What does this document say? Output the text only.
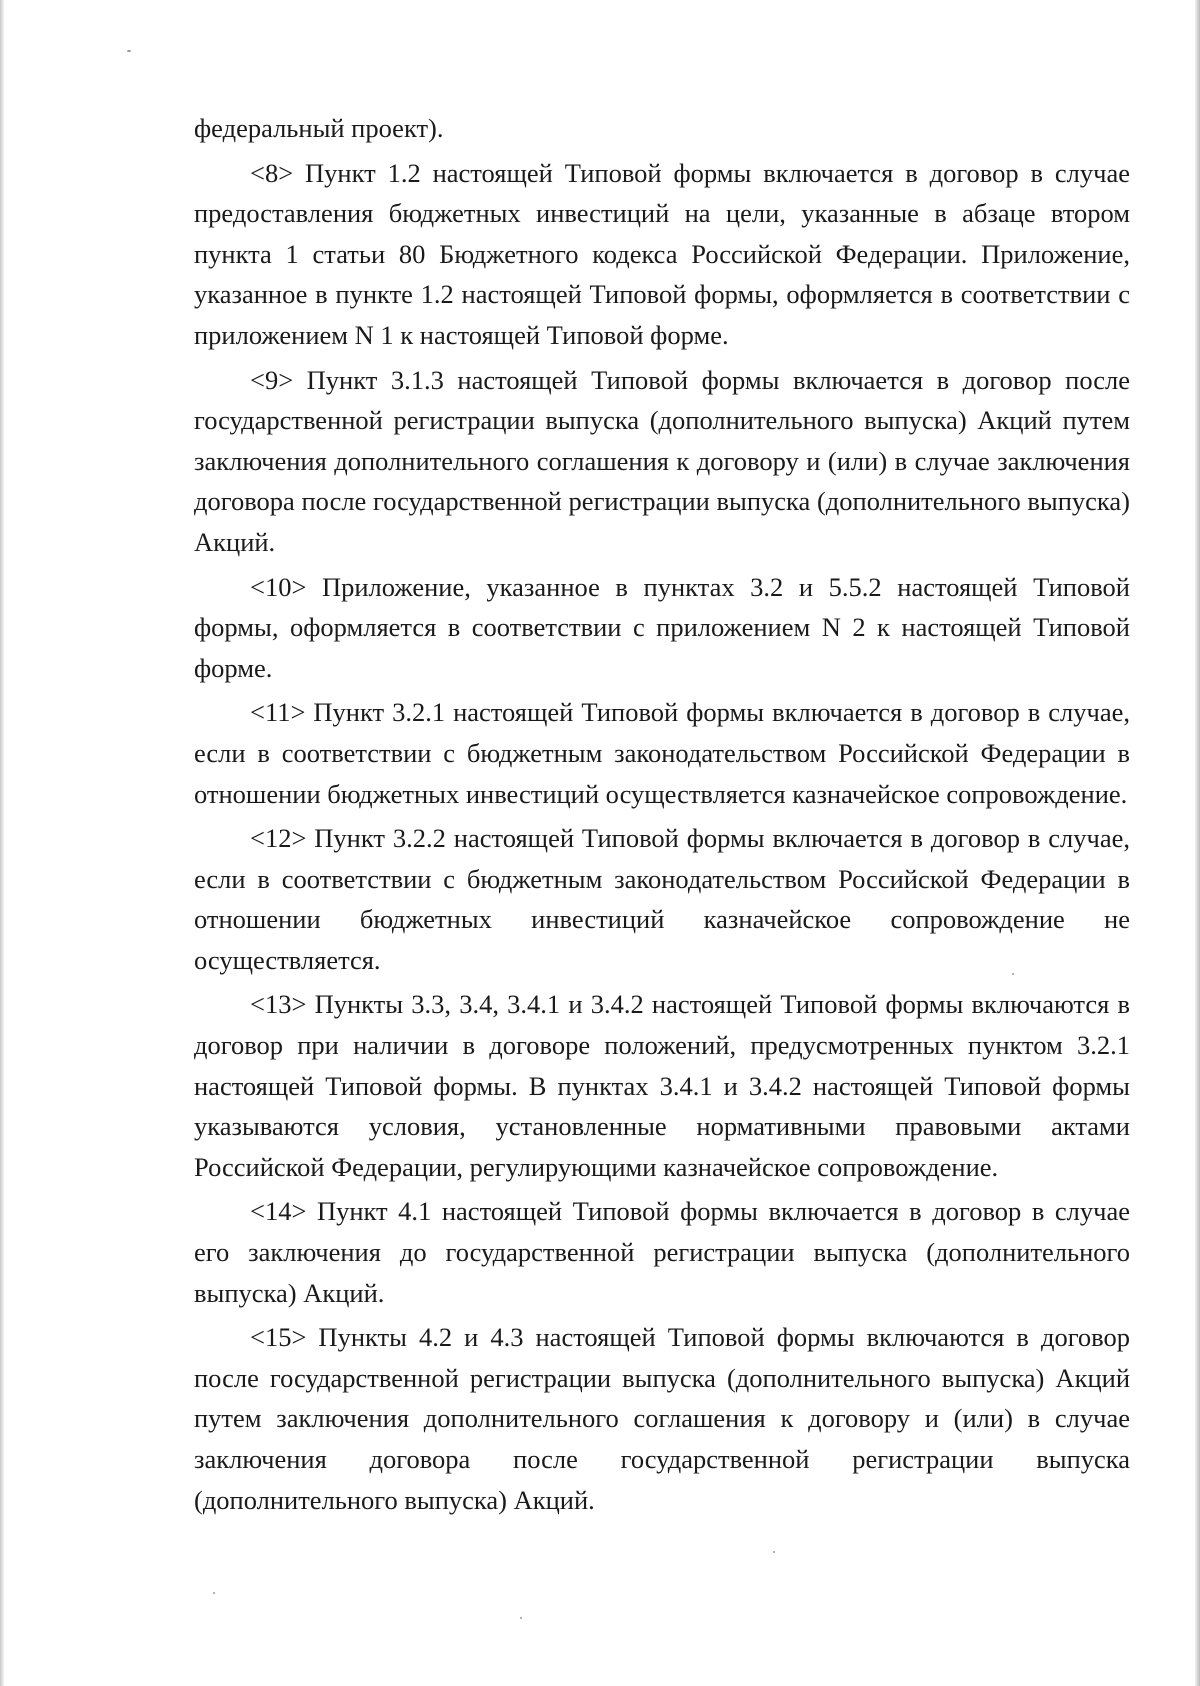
федеральный проект).

<8> Пункт 1.2 настоящей Типовой формы включается в договор в случае предоставления бюджетных инвестиций на цели, указанные в абзаце втором пункта 1 статьи 80 Бюджетного кодекса Российской Федерации. Приложение, указанное в пункте 1.2 настоящей Типовой формы, оформляется в соответствии с приложением N 1 к настоящей Типовой форме.

<9> Пункт 3.1.3 настоящей Типовой формы включается в договор после государственной регистрации выпуска (дополнительного выпуска) Акций путем заключения дополнительного соглашения к договору и (или) в случае заключения договора после государственной регистрации выпуска (дополнительного выпуска) Акций.

<10> Приложение, указанное в пунктах 3.2 и 5.5.2 настоящей Типовой формы, оформляется в соответствии с приложением N 2 к настоящей Типовой форме.

<11> Пункт 3.2.1 настоящей Типовой формы включается в договор в случае, если в соответствии с бюджетным законодательством Российской Федерации в отношении бюджетных инвестиций осуществляется казначейское сопровождение.

<12> Пункт 3.2.2 настоящей Типовой формы включается в договор в случае, если в соответствии с бюджетным законодательством Российской Федерации в отношении бюджетных инвестиций казначейское сопровождение не осуществляется.

<13> Пункты 3.3, 3.4, 3.4.1 и 3.4.2 настоящей Типовой формы включаются в договор при наличии в договоре положений, предусмотренных пунктом 3.2.1 настоящей Типовой формы. В пунктах 3.4.1 и 3.4.2 настоящей Типовой формы указываются условия, установленные нормативными правовыми актами Российской Федерации, регулирующими казначейское сопровождение.

<14> Пункт 4.1 настоящей Типовой формы включается в договор в случае его заключения до государственной регистрации выпуска (дополнительного выпуска) Акций.

<15> Пункты 4.2 и 4.3 настоящей Типовой формы включаются в договор после государственной регистрации выпуска (дополнительного выпуска) Акций путем заключения дополнительного соглашения к договору и (или) в случае заключения договора после государственной регистрации выпуска (дополнительного выпуска) Акций.
